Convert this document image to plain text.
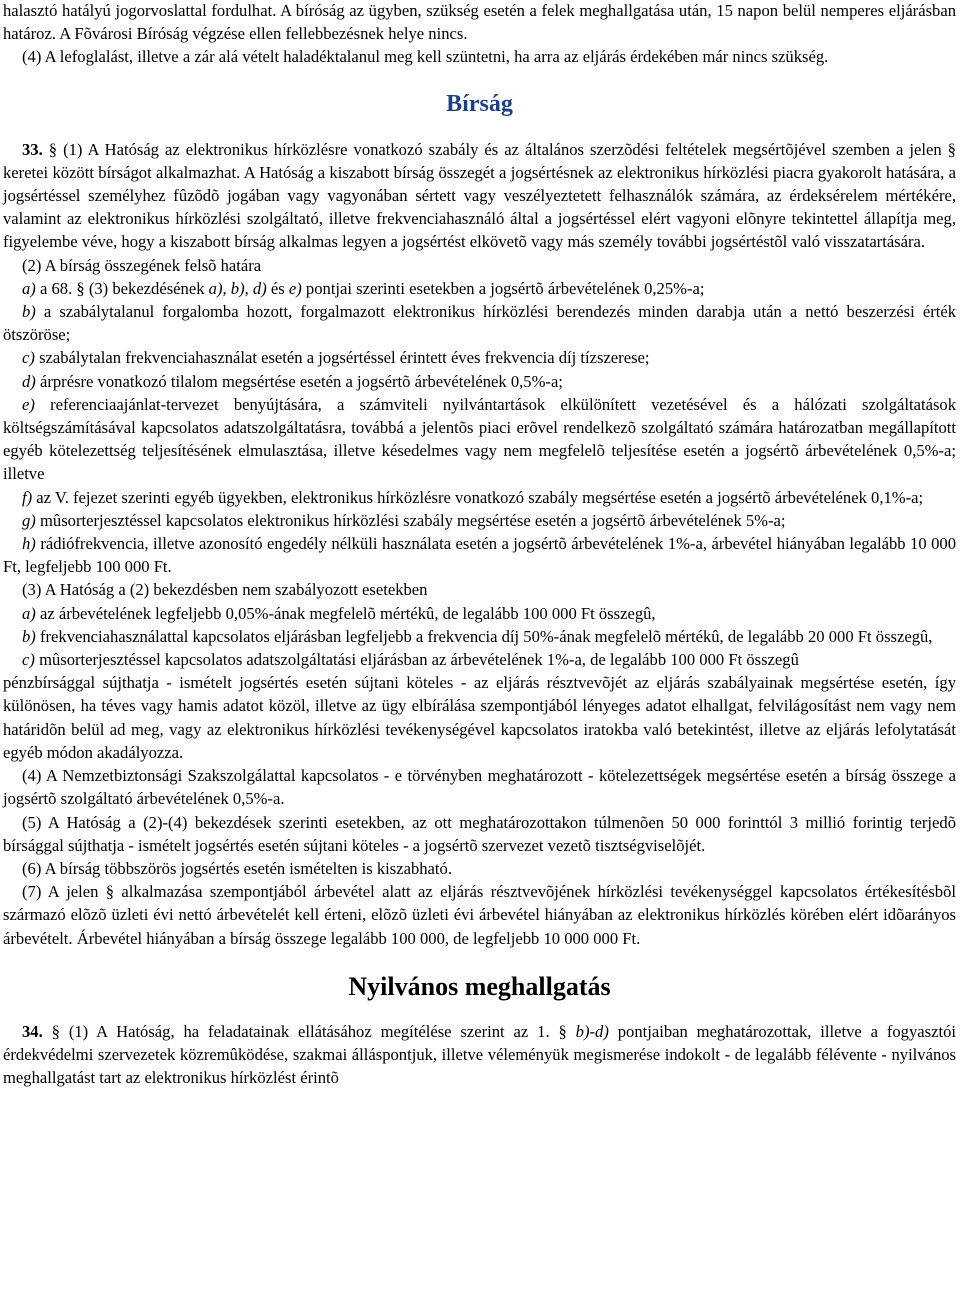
halasztó hatályú jogorvoslattal fordulhat. A bíróság az ügyben, szükség esetén a felek meghallgatása után, 15 napon belül nemperes eljárásban határoz. A Fõvárosi Bíróság végzése ellen fellebbezésnek helye nincs.

(4) A lefoglalást, illetve a zár alá vételt haladéktalanul meg kell szüntetni, ha arra az eljárás érdekében már nincs szükség.

Bírság

33. § (1) A Hatóság az elektronikus hírközlésre vonatkozó szabály és az általános szerzõdési feltételek megsértõjével szemben a jelen § keretei között bírságot alkalmazhat. A Hatóság a kiszabott bírság összegét a jogsértésnek az elektronikus hírközlési piacra gyakorolt hatására, a jogsértéssel személyhez fûzõdõ jogában vagy vagyonában sértett vagy veszélyeztetett felhasználók számára, az érdeksérelem mértékére, valamint az elektronikus hírközlési szolgáltató, illetve frekvenciahasználó által a jogsértéssel elért vagyoni elõnyre tekintettel állapítja meg, figyelembe véve, hogy a kiszabott bírság alkalmas legyen a jogsértést elkövetõ vagy más személy további jogsértéstõl való visszatartására.

(2) A bírság összegének felsõ határa

a) a 68. § (3) bekezdésének a), b), d) és e) pontjai szerinti esetekben a jogsértõ árbevételének 0,25%-a;

b) a szabálytalanul forgalomba hozott, forgalmazott elektronikus hírközlési berendezés minden darabja után a nettó beszerzési érték ötszöröse;

c) szabálytalan frekvenciahasználat esetén a jogsértéssel érintett éves frekvencia díj tízszerese;

d) árprésre vonatkozó tilalom megsértése esetén a jogsértõ árbevételének 0,5%-a;

e) referenciaajánlat-tervezet benyújtására, a számviteli nyilvántartások elkülönített vezetésével és a hálózati szolgáltatások költségszámításával kapcsolatos adatszolgáltatásra, továbbá a jelentõs piaci erõvel rendelkezõ szolgáltató számára határozatban megállapított egyéb kötelezettség teljesítésének elmulasztása, illetve késedelmes vagy nem megfelelõ teljesítése esetén a jogsértõ árbevételének 0,5%-a; illetve

f) az V. fejezet szerinti egyéb ügyekben, elektronikus hírközlésre vonatkozó szabály megsértése esetén a jogsértõ árbevételének 0,1%-a;

g) mûsorterjesztéssel kapcsolatos elektronikus hírközlési szabály megsértése esetén a jogsértõ árbevételének 5%-a;

h) rádiófrekvencia, illetve azonosító engedély nélküli használata esetén a jogsértõ árbevételének 1%-a, árbevétel hiányában legalább 10 000 Ft, legfeljebb 100 000 Ft.

(3) A Hatóság a (2) bekezdésben nem szabályozott esetekben

a) az árbevételének legfeljebb 0,05%-ának megfelelõ mértékû, de legalább 100 000 Ft összegû,

b) frekvenciahasználattal kapcsolatos eljárásban legfeljebb a frekvencia díj 50%-ának megfelelõ mértékû, de legalább 20 000 Ft összegû,

c) mûsorterjesztéssel kapcsolatos adatszolgáltatási eljárásban az árbevételének 1%-a, de legalább 100 000 Ft összegû

pénzbírsággal sújthatja - ismételt jogsértés esetén sújtani köteles - az eljárás résztvevõjét az eljárás szabályainak megsértése esetén, így különösen, ha téves vagy hamis adatot közöl, illetve az ügy elbírálása szempontjából lényeges adatot elhallgat, felvilágosítást nem vagy nem határidõn belül ad meg, vagy az elektronikus hírközlési tevékenységével kapcsolatos iratokba való betekintést, illetve az eljárás lefolytatását egyéb módon akadályozza.

(4) A Nemzetbiztonsági Szakszolgálattal kapcsolatos - e törvényben meghatározott - kötelezettségek megsértése esetén a bírság összege a jogsértõ szolgáltató árbevételének 0,5%-a.

(5) A Hatóság a (2)-(4) bekezdések szerinti esetekben, az ott meghatározottakon túlmenõen 50 000 forinttól 3 millió forintig terjedõ bírsággal sújthatja - ismételt jogsértés esetén sújtani köteles - a jogsértõ szervezet vezetõ tisztségviselõjét.

(6) A bírság többszörös jogsértés esetén ismételten is kiszabható.

(7) A jelen § alkalmazása szempontjából árbevétel alatt az eljárás résztvevõjének hírközlési tevékenységgel kapcsolatos értékesítésbõl származó elõzõ üzleti évi nettó árbevételét kell érteni, elõzõ üzleti évi árbevétel hiányában az elektronikus hírközlés körében elért idõarányos árbevételt. Árbevétel hiányában a bírság összege legalább 100 000, de legfeljebb 10 000 000 Ft.

Nyilvános meghallgatás

34. § (1) A Hatóság, ha feladatainak ellátásához megítélése szerint az 1. § b)-d) pontjaiban meghatározottak, illetve a fogyasztói érdekvédelmi szervezetek közremûködése, szakmai álláspontjuk, illetve véleményük megismerése indokolt - de legalább félévente - nyilvános meghallgatást tart az elektronikus hírközlést érintõ
